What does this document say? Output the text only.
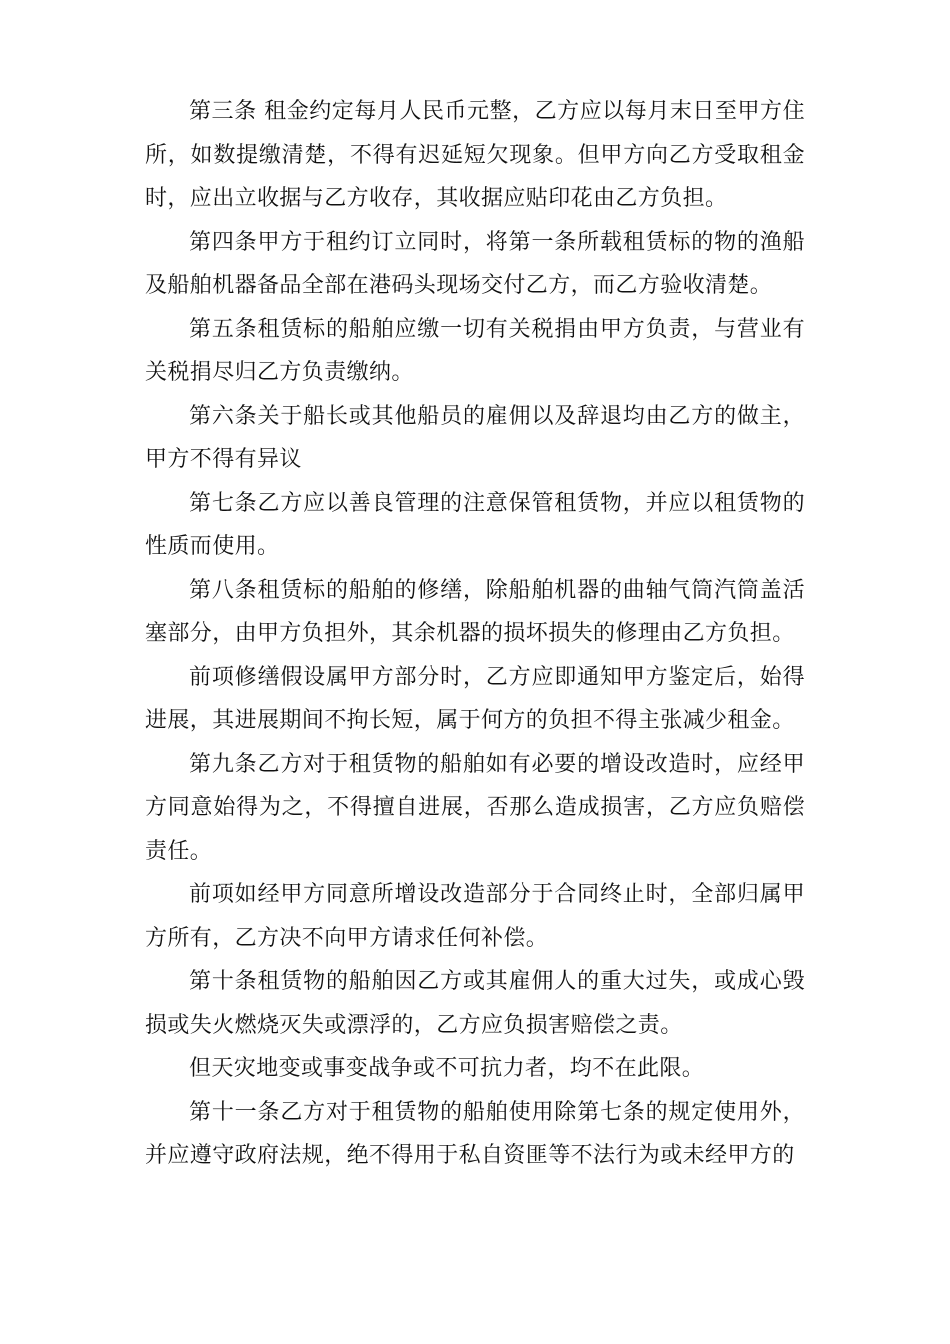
第三条 租金约定每月人民币元整，乙方应以每月末日至甲方住所，如数提缴清楚，不得有迟延短欠现象。但甲方向乙方受取租金时，应出立收据与乙方收存，其收据应贴印花由乙方负担。

第四条甲方于租约订立同时，将第一条所载租赁标的物的渔船及船舶机器备品全部在港码头现场交付乙方，而乙方验收清楚。

第五条租赁标的船舶应缴一切有关税捐由甲方负责，与营业有关税捐尽归乙方负责缴纳。

第六条关于船长或其他船员的雇佣以及辞退均由乙方的做主，甲方不得有异议

第七条乙方应以善良管理的注意保管租赁物，并应以租赁物的性质而使用。

第八条租赁标的船舶的修缮，除船舶机器的曲轴气筒汽筒盖活塞部分，由甲方负担外，其余机器的损坏损失的修理由乙方负担。

前项修缮假设属甲方部分时，乙方应即通知甲方鉴定后，始得进展，其进展期间不拘长短，属于何方的负担不得主张减少租金。

第九条乙方对于租赁物的船舶如有必要的增设改造时，应经甲方同意始得为之，不得擅自进展，否那么造成损害，乙方应负赔偿责任。

前项如经甲方同意所增设改造部分于合同终止时，全部归属甲方所有，乙方决不向甲方请求任何补偿。

第十条租赁物的船舶因乙方或其雇佣人的重大过失，或成心毁损或失火燃烧灭失或漂浮的，乙方应负损害赔偿之责。

但天灾地变或事变战争或不可抗力者，均不在此限。

第十一条乙方对于租赁物的船舶使用除第七条的规定使用外，并应遵守政府法规，绝不得用于私自资匪等不法行为或未经甲方的
